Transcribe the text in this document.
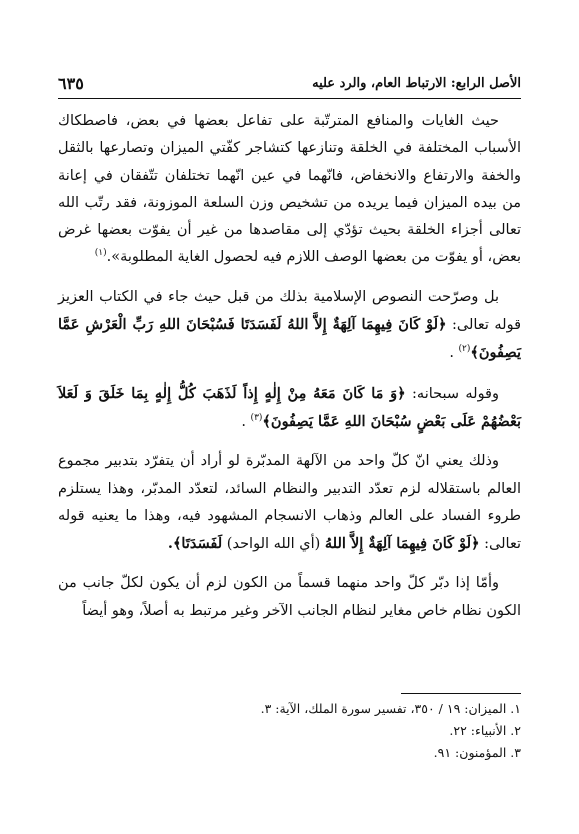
الأصل الرابع: الارتباط العام، والرد عليه
٦٣٥

حيث الغايات والمنافع المترتّبة على تفاعل بعضها في بعض، فاصطكاك الأسباب المختلفة في الخلقة وتنازعها كتشاجر كفّتي الميزان وتصارعها بالثقل والخفة والارتفاع والانخفاض، فانّهما في عين انّهما تختلفان تتّفقان في إعانة من بيده الميزان فيما يريده من تشخيص وزن السلعة الموزونة، فقد رتّب الله تعالى أجزاء الخلقة بحيث تؤدّي إلى مقاصدها من غير أن يفوّت بعضها غرض بعض، أو يفوّت من بعضها الوصف اللازم فيه لحصول الغاية المطلوبة».$^{(١)}$

بل وصرّحت النصوص الإسلامية بذلك من قبل حيث جاء في الكتاب العزيز قوله تعالى: ﴿لَوْ كَانَ فِيهِمَا آلِهَةٌ إِلاَّ اللهُ لَفَسَدَتَا فَسُبْحَانَ اللهِ رَبِّ الْعَرْشِ عَمَّا يَصِفُونَ﴾$^{(٢)}$ .

وقوله سبحانه: ﴿وَ مَا كَانَ مَعَهُ مِنْ إِلٰهٍ إِذاً لَذَهَبَ كُلُّ إِلٰهٍ بِمَا خَلَقَ وَ لَعَلاَ بَعْضُهُمْ عَلَى بَعْضٍ سُبْحَانَ اللهِ عَمَّا يَصِفُونَ﴾$^{(٣)}$ .

وذلك يعني انّ كلّ واحد من الآلهة المدبّرة لو أراد أن يتفرّد بتدبير مجموع العالم باستقلاله لزم تعدّد التدبير والنظام السائد، لتعدّد المدبّر، وهذا يستلزم طروء الفساد على العالم وذهاب الانسجام المشهود فيه، وهذا ما يعنيه قوله تعالى: ﴿لَوْ كَانَ فِيهِمَا آلِهَةٌ إِلاَّ اللهُ (أي الله الواحد) لَفَسَدَتَا﴾.

وأمّا إذا دبّر كلّ واحد منهما قسماً من الكون لزم أن يكون لكلّ جانب من الكون نظام خاص مغاير لنظام الجانب الآخر وغير مرتبط به أصلاً، وهو أيضاً

١. الميزان: ١٩ / ٣٥٠، تفسير سورة الملك، الآية: ٣.
٢. الأنبياء: ٢٢.
٣. المؤمنون: ٩١.
